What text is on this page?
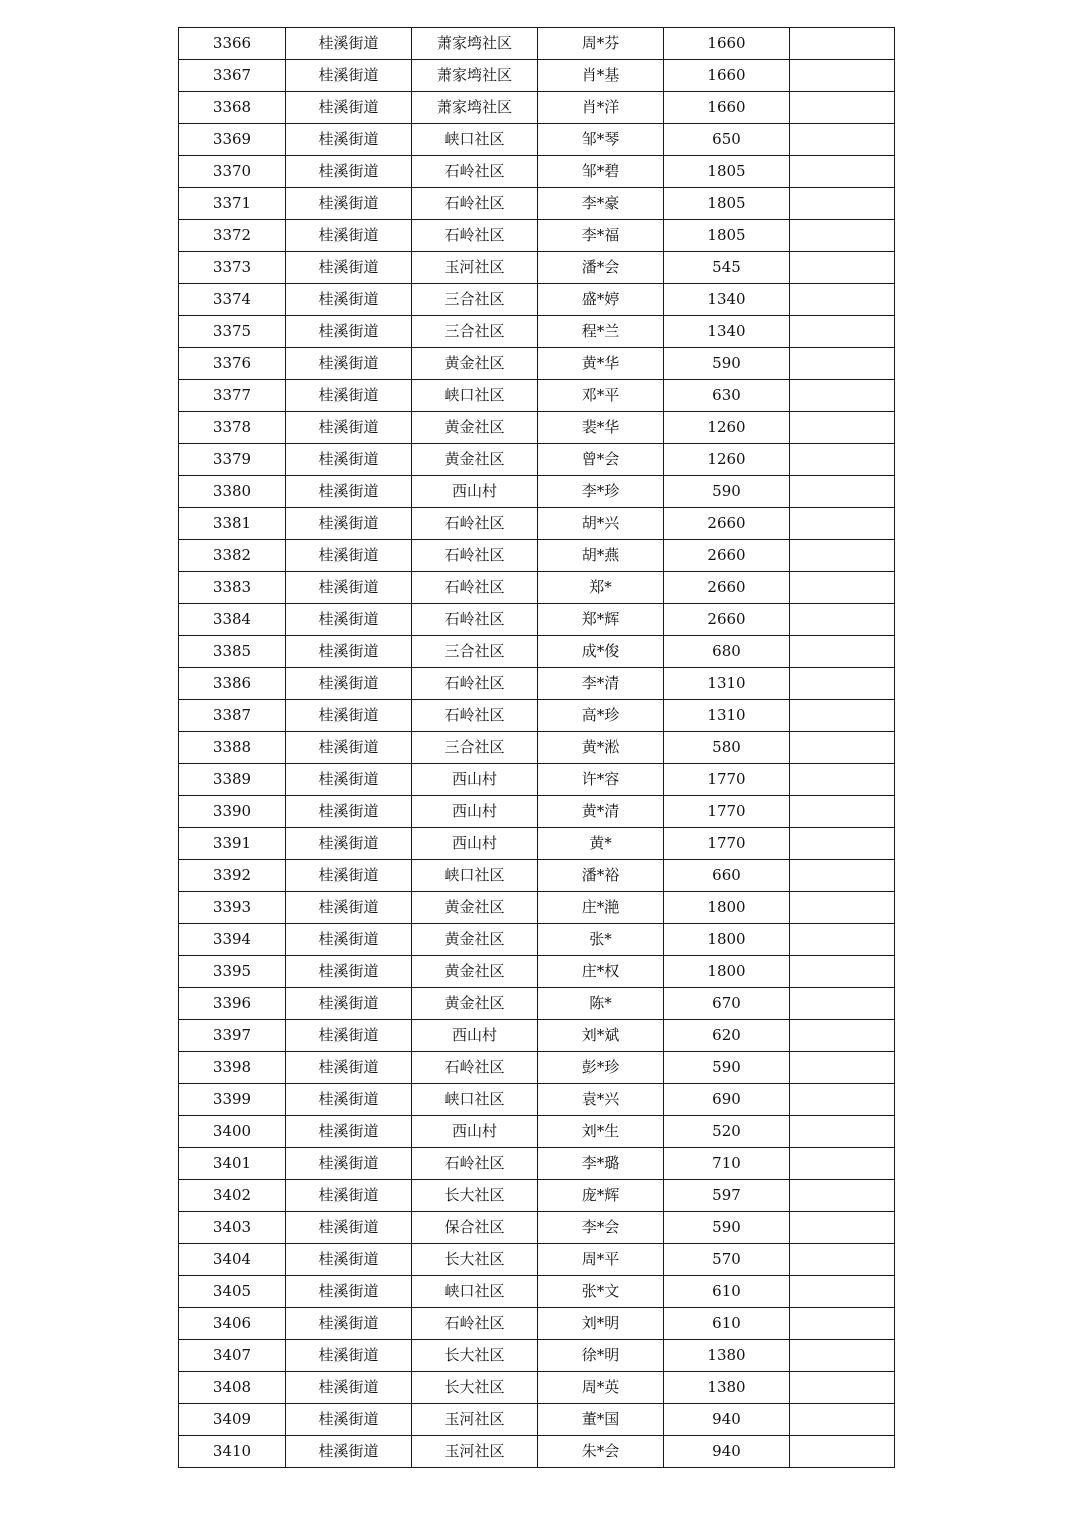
3366	桂溪街道	萧家塆社区	周*芬	1660	
3367	桂溪街道	萧家塆社区	肖*基	1660	
3368	桂溪街道	萧家塆社区	肖*洋	1660	
3369	桂溪街道	峡口社区	邹*琴	650	
3370	桂溪街道	石岭社区	邹*碧	1805	
3371	桂溪街道	石岭社区	李*豪	1805	
3372	桂溪街道	石岭社区	李*福	1805	
3373	桂溪街道	玉河社区	潘*会	545	
3374	桂溪街道	三合社区	盛*婷	1340	
3375	桂溪街道	三合社区	程*兰	1340	
3376	桂溪街道	黄金社区	黄*华	590	
3377	桂溪街道	峡口社区	邓*平	630	
3378	桂溪街道	黄金社区	裴*华	1260	
3379	桂溪街道	黄金社区	曾*会	1260	
3380	桂溪街道	西山村	李*珍	590	
3381	桂溪街道	石岭社区	胡*兴	2660	
3382	桂溪街道	石岭社区	胡*燕	2660	
3383	桂溪街道	石岭社区	郑*	2660	
3384	桂溪街道	石岭社区	郑*辉	2660	
3385	桂溪街道	三合社区	成*俊	680	
3386	桂溪街道	石岭社区	李*清	1310	
3387	桂溪街道	石岭社区	高*珍	1310	
3388	桂溪街道	三合社区	黄*淞	580	
3389	桂溪街道	西山村	许*容	1770	
3390	桂溪街道	西山村	黄*清	1770	
3391	桂溪街道	西山村	黄*	1770	
3392	桂溪街道	峡口社区	潘*裕	660	
3393	桂溪街道	黄金社区	庄*滟	1800	
3394	桂溪街道	黄金社区	张*	1800	
3395	桂溪街道	黄金社区	庄*权	1800	
3396	桂溪街道	黄金社区	陈*	670	
3397	桂溪街道	西山村	刘*斌	620	
3398	桂溪街道	石岭社区	彭*珍	590	
3399	桂溪街道	峡口社区	袁*兴	690	
3400	桂溪街道	西山村	刘*生	520	
3401	桂溪街道	石岭社区	李*璐	710	
3402	桂溪街道	长大社区	庞*辉	597	
3403	桂溪街道	保合社区	李*会	590	
3404	桂溪街道	长大社区	周*平	570	
3405	桂溪街道	峡口社区	张*文	610	
3406	桂溪街道	石岭社区	刘*明	610	
3407	桂溪街道	长大社区	徐*明	1380	
3408	桂溪街道	长大社区	周*英	1380	
3409	桂溪街道	玉河社区	董*国	940	
3410	桂溪街道	玉河社区	朱*会	940	
